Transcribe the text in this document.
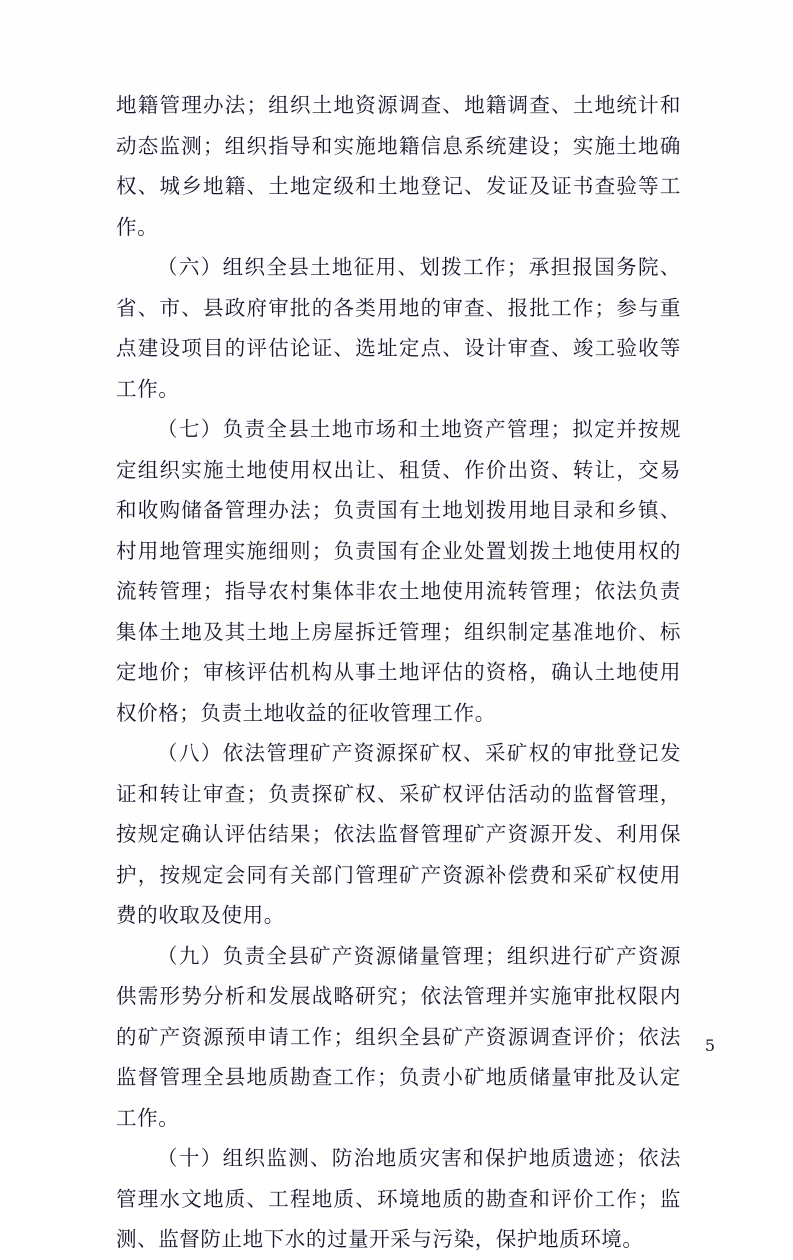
地籍管理办法；组织土地资源调查、地籍调查、土地统计和动态监测；组织指导和实施地籍信息系统建设；实施土地确权、城乡地籍、土地定级和土地登记、发证及证书查验等工作。

（六）组织全县土地征用、划拨工作；承担报国务院、省、市、县政府审批的各类用地的审查、报批工作；参与重点建设项目的评估论证、选址定点、设计审查、竣工验收等工作。

（七）负责全县土地市场和土地资产管理；拟定并按规定组织实施土地使用权出让、租赁、作价出资、转让，交易和收购储备管理办法；负责国有土地划拨用地目录和乡镇、村用地管理实施细则；负责国有企业处置划拨土地使用权的流转管理；指导农村集体非农土地使用流转管理；依法负责集体土地及其土地上房屋拆迁管理；组织制定基准地价、标定地价；审核评估机构从事土地评估的资格，确认土地使用权价格；负责土地收益的征收管理工作。

（八）依法管理矿产资源探矿权、采矿权的审批登记发证和转让审查；负责探矿权、采矿权评估活动的监督管理，按规定确认评估结果；依法监督管理矿产资源开发、利用保护，按规定会同有关部门管理矿产资源补偿费和采矿权使用费的收取及使用。

（九）负责全县矿产资源储量管理；组织进行矿产资源供需形势分析和发展战略研究；依法管理并实施审批权限内的矿产资源预申请工作；组织全县矿产资源调查评价；依法监督管理全县地质勘查工作；负责小矿地质储量审批及认定工作。

（十）组织监测、防治地质灾害和保护地质遗迹；依法管理水文地质、工程地质、环境地质的勘查和评价工作；监测、监督防止地下水的过量开采与污染，保护地质环境。

5
